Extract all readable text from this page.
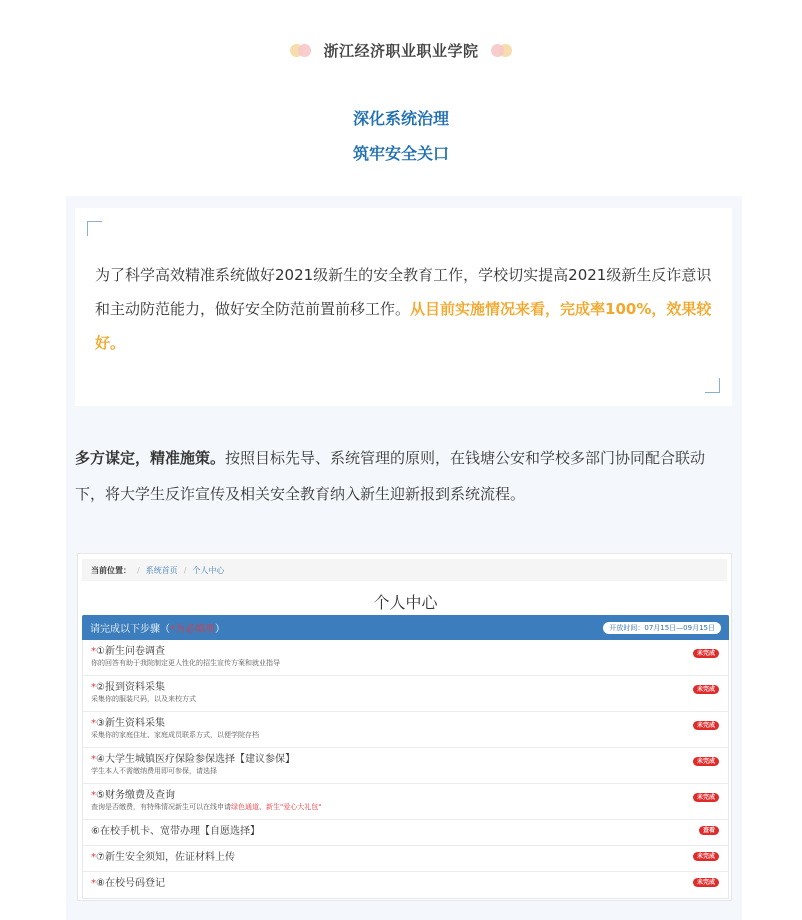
浙江经济职业职业学院
深化系统治理
筑牢安全关口

为了科学高效精准系统做好2021级新生的安全教育工作，学校切实提高2021级新生反诈意识和主动防范能力，做好安全防范前置前移工作。从目前实施情况来看，完成率100%，效果较好。

多方谋定，精准施策。按照目标先导、系统管理的原则，在钱塘公安和学校多部门协同配合联动下，将大学生反诈宣传及相关安全教育纳入新生迎新报到系统流程。

当前位置： / 系统首页 / 个人中心
个人中心
请完成以下步骤（*为必填项）	开放时间：07月15日—09月15日
*①新生问卷调查
你的回答有助于我院制定更人性化的招生宣传方案和就业指导
未完成
*②报到资料采集
采集你的服装尺码，以及来校方式
未完成
*③新生资料采集
采集你的家庭住址、家庭成员联系方式，以便学院存档
未完成
*④大学生城镇医疗保险参保选择【建议参保】
学生本人不需缴纳费用即可参保，请选择
未完成
*⑤财务缴费及查询
查询是否缴费，有特殊情况新生可以在线申请绿色通道、新生"爱心大礼包"
未完成
⑥在校手机卡、宽带办理【自愿选择】	查看
*⑦新生安全须知，佐证材料上传	未完成
*⑧在校号码登记	未完成
